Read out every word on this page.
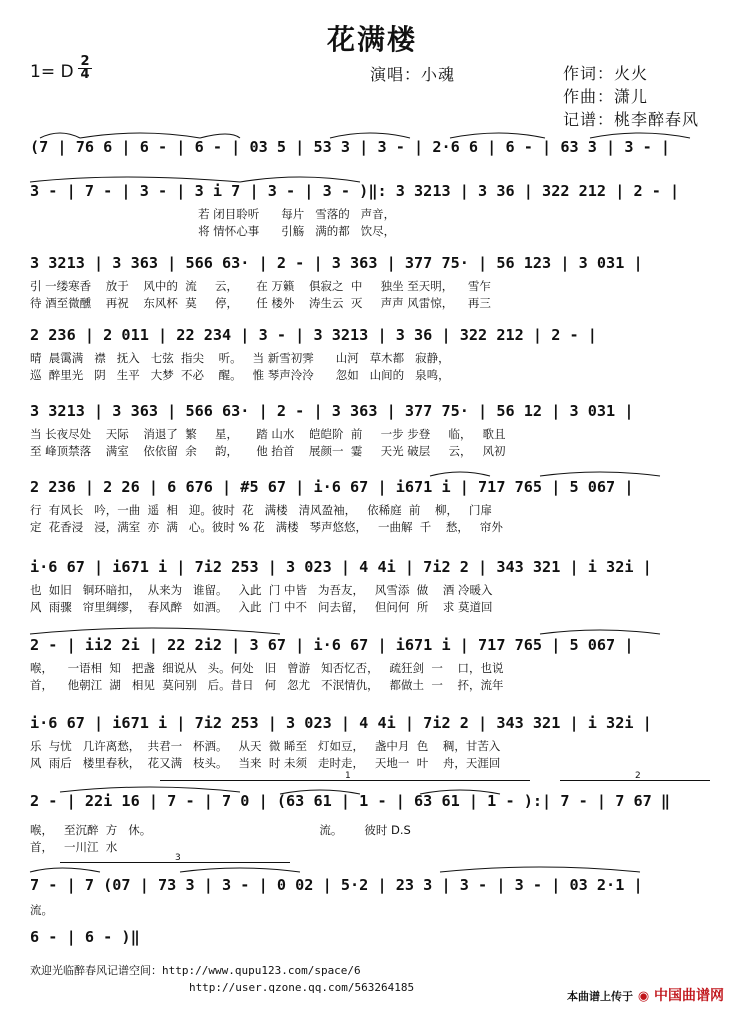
花满楼
1= D
2
4	演唱：小魂	作词：火火
作曲：潇儿
记谱：桃李醉春风
(7 | 76 6 | 6 - | 6 - | 03 5 | 53 3 | 3 - | 2·6 6 | 6 - | 63 3 | 3 - |
3 - | 7 - | 3 - | 3 i 7 | 3 - | 3 - )‖: 3 3213 | 3 36 | 322 212 | 2 - |
若 闭目聆听      每片   雪落的   声音，
将 情怀心事      引觞   满的都   饮尽，
3 3213 | 3 363 | 566 63· | 2 - | 3 363 | 377 75· | 56 123 | 3 031 |
引 一缕寒香    放于    风中的  流     云，     在 万籁    俱寂之  中     独坐 至天明，    雪乍
待 酒至微醺    再祝    东风杯  莫     停，     任 楼外    涛生云  灭     声声 风雷惊，    再三
2 236 | 2 011 | 22 234 | 3 - | 3 3213 | 3 36 | 322 212 | 2 - |
晴  晨霭满   襟   抚入   七弦  指尖    听。   当 新雪初霁      山河   草木都   寂静，
巡  醉里光   阴   生平   大梦  不必    醒。   惟 琴声泠泠      忽如   山间的   泉鸣，
3 3213 | 3 363 | 566 63· | 2 - | 3 363 | 377 75· | 56 12 | 3 031 |
当 长夜尽处    天际    消退了  繁     星，     踏 山水    皑皑阶  前     一步 步登     临，   歌且
至 峰顶禁落    满室    依依留  余     韵，     他 抬首    展颜一  霎     天光 破层     云，   风初
2 236 | 2 26 | 6 676 | #5 67 | i·6 67 | i671 i | 717 765 | 5 067 |
行  有风长   吟，一曲  遥  相   迎。彼时  花   满楼   清风盈袖，   依稀庭  前    柳，   门扉
定  花香浸   浸，满室  亦  满   心。彼时 % 花   满楼   琴声悠悠，   一曲解  千    愁，   帘外
i·6 67 | i671 i | 7i2 253 | 3 023 | 4 4i | 7i2 2 | 343 321 | i 32i |
也  如旧   铜环暗扣，  从来为   谁留。   入此  门 中皆   为吾友，   风雪添  做    酒 冷暖入
风  雨骤   帘里绸缪，  春风醉   如酒。   入此  门 中不   问去留，   但问何  所    求 莫道回
2 - | ii2 2i | 22 2i2 | 3 67 | i·6 67 | i671 i | 717 765 | 5 067 |
喉，    一语相  知   把盏  细说从   头。何处   旧   曾游   知否忆否，   疏狂剑  一    口，也说
首，    他朝江  湖   相见  莫问别   后。昔日   何   忽尤   不泯情仇，   都做土  一    抔，流年
i·6 67 | i671 i | 7i2 253 | 3 023 | 4 4i | 7i2 2 | 343 321 | i 32i |
乐  与忧   几许离愁，  共君一   杯酒。   从天  微 睎至   灯如豆，   盏中月  色    稠，甘苦入
风  雨后   楼里春秋，  花又满   枝头。   当来  时 未须   走时走，   天地一  叶    舟，天涯回
1	2
2 - | 22i 16 | 7 - | 7 0 | (63 61 | 1 - | 63 61 | 1 - ):| 7 - | 7 67 ‖
喉，   至沉醉  方   休。                                              流。      彼时 D.S
首，   一川江  水
3
7 - | 7 (07 | 73 3 | 3 - | 0 02 | 5·2 | 23 3 | 3 - | 3 - | 03 2·1 |
流。
6 - | 6 - )‖
欢迎光临醉春风记谱空间：http://www.qupu123.com/space/6
http://user.qzone.qq.com/563264185
本曲谱上传于 ◉ 中国曲谱网
